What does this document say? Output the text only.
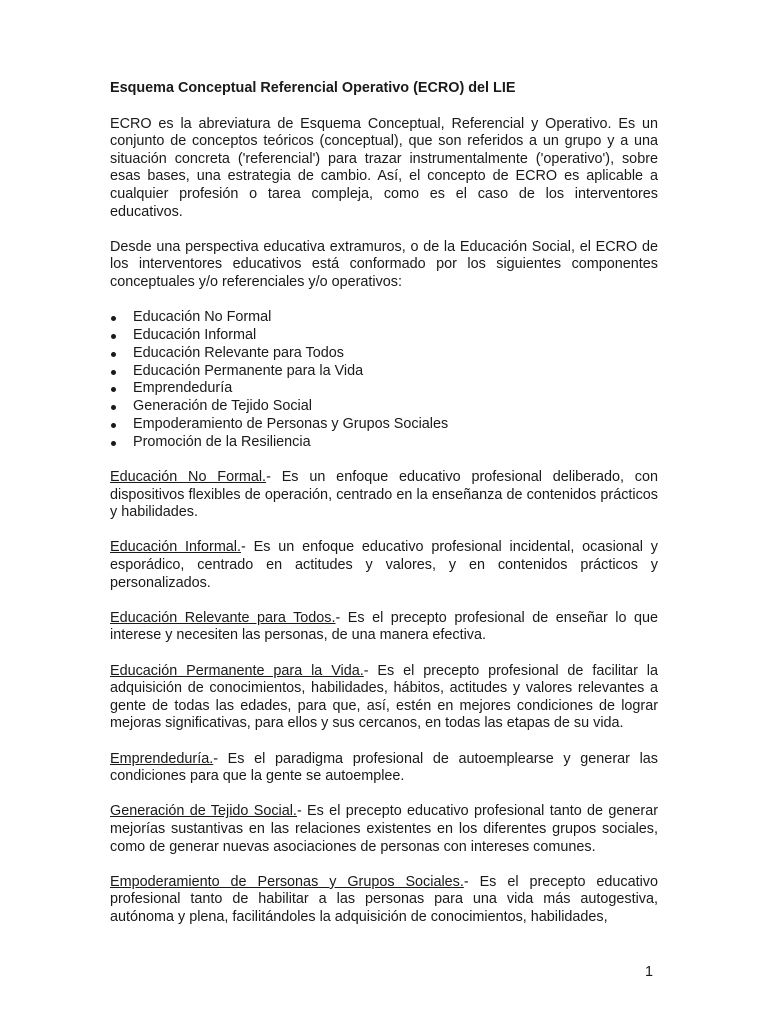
Esquema Conceptual Referencial Operativo (ECRO) del LIE

ECRO es la abreviatura de Esquema Conceptual, Referencial y Operativo. Es un conjunto de conceptos teóricos (conceptual), que son referidos a un grupo y a una situación concreta ('referencial') para trazar instrumentalmente ('operativo'), sobre esas bases, una estrategia de cambio. Así, el concepto de ECRO es aplicable a cualquier profesión o tarea compleja, como es el caso de los interventores educativos.

Desde una perspectiva educativa extramuros, o de la Educación Social, el ECRO de los interventores educativos está conformado por los siguientes componentes conceptuales y/o referenciales y/o operativos:

Educación No Formal
Educación Informal
Educación Relevante para Todos
Educación Permanente para la Vida
Emprendeduría
Generación de Tejido Social
Empoderamiento de Personas y Grupos Sociales
Promoción de la Resiliencia

Educación No Formal.- Es un enfoque educativo profesional deliberado, con dispositivos flexibles de operación, centrado en la enseñanza de contenidos prácticos y habilidades.

Educación Informal.- Es un enfoque educativo profesional incidental, ocasional y esporádico, centrado en actitudes y valores, y en contenidos prácticos y personalizados.

Educación Relevante para Todos.- Es el precepto profesional de enseñar lo que interese y necesiten las personas, de una manera efectiva.

Educación Permanente para la Vida.- Es el precepto profesional de facilitar la adquisición de conocimientos, habilidades, hábitos, actitudes y valores relevantes a gente de todas las edades, para que, así, estén en mejores condiciones de lograr mejoras significativas, para ellos y sus cercanos, en todas las etapas de su vida.

Emprendeduría.- Es el paradigma profesional de autoemplearse y generar las condiciones para que la gente se autoemplee.

Generación de Tejido Social.- Es el precepto educativo profesional tanto de generar mejorías sustantivas en las relaciones existentes en los diferentes grupos sociales, como de generar nuevas asociaciones de personas con intereses comunes.

Empoderamiento de Personas y Grupos Sociales.- Es el precepto educativo profesional tanto de habilitar a las personas para una vida más autogestiva, autónoma y plena, facilitándoles la adquisición de conocimientos, habilidades,

1
